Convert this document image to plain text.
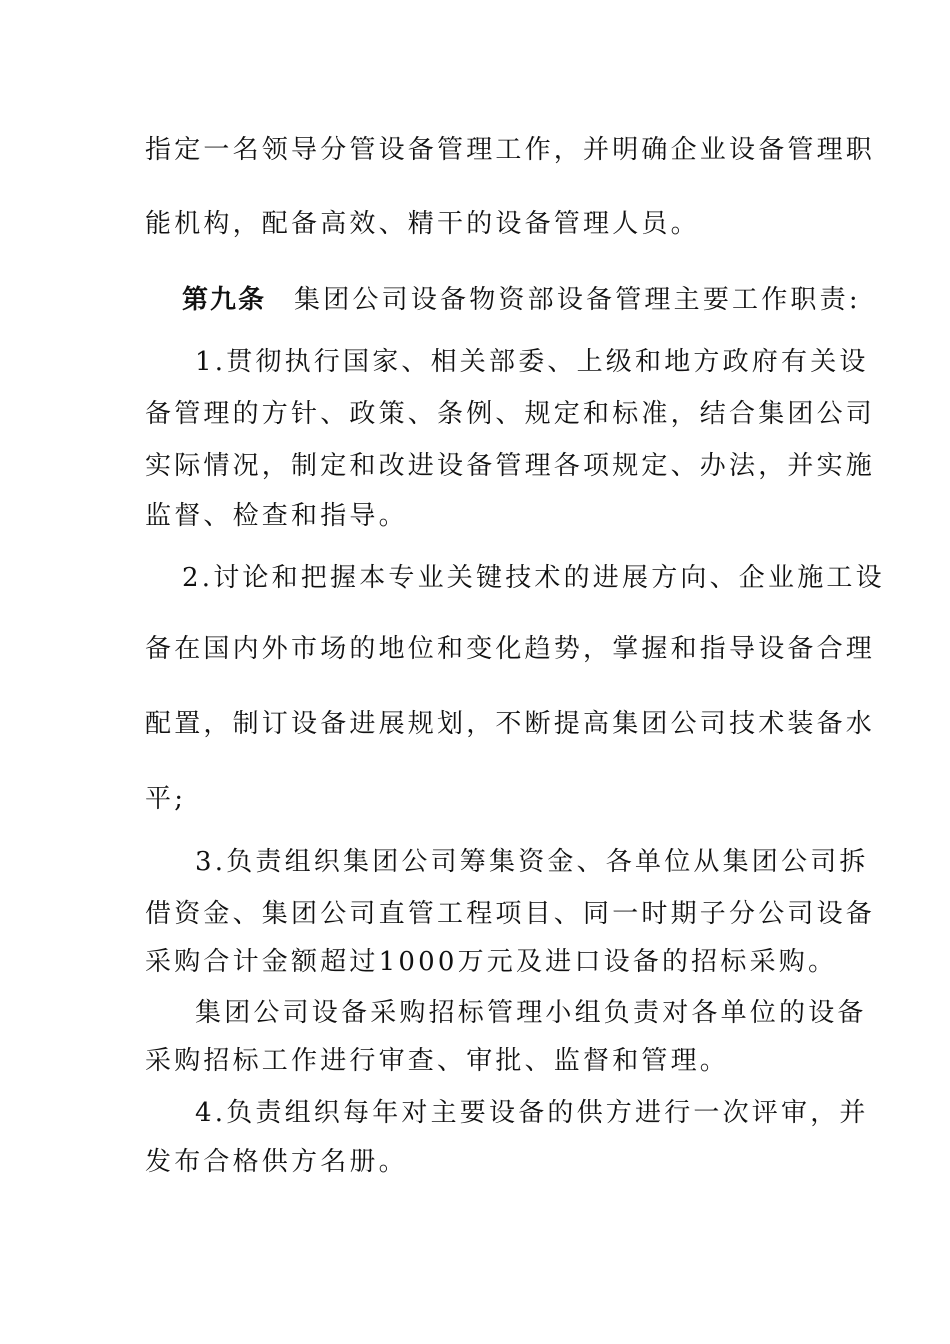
指定一名领导分管设备管理工作，并明确企业设备管理职
能机构，配备高效、精干的设备管理人员。
第九条 集团公司设备物资部设备管理主要工作职责:
1.贯彻执行国家、相关部委、上级和地方政府有关设
备管理的方针、政策、条例、规定和标准，结合集团公司
实际情况，制定和改进设备管理各项规定、办法，并实施
监督、检查和指导。
2.讨论和把握本专业关键技术的进展方向、企业施工设
备在国内外市场的地位和变化趋势，掌握和指导设备合理
配置，制订设备进展规划，不断提高集团公司技术装备水
平;
3.负责组织集团公司筹集资金、各单位从集团公司拆
借资金、集团公司直管工程项目、同一时期子分公司设备
采购合计金额超过1000万元及进口设备的招标采购。
集团公司设备采购招标管理小组负责对各单位的设备
采购招标工作进行审查、审批、监督和管理。
4.负责组织每年对主要设备的供方进行一次评审，并
发布合格供方名册。
